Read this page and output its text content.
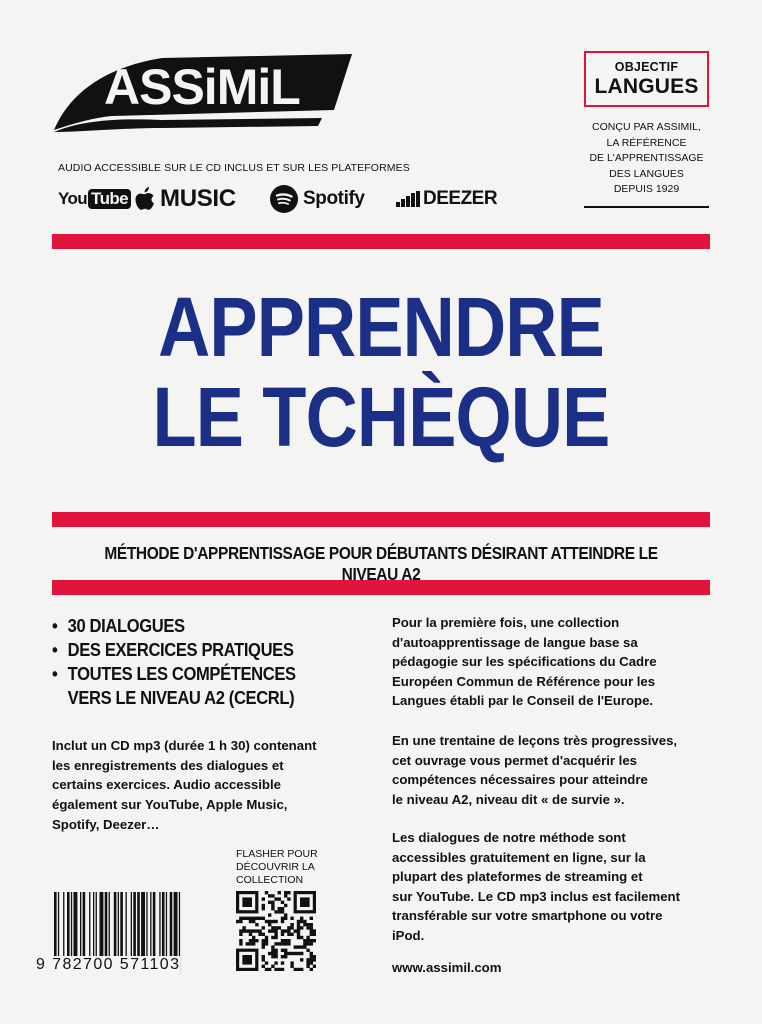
ASSiMiL	®
AUDIO ACCESSIBLE SUR LE CD INCLUS ET SUR LES PLATEFORMES
You Tube MUSIC	Spotify	DEEZER
OBJECTIF
LANGUES
CONÇU PAR ASSIMIL,
LA RÉFÉRENCE
DE L'APPRENTISSAGE
DES LANGUES
DEPUIS 1929
APPRENDRE
LE TCHÈQUE
MÉTHODE D'APPRENTISSAGE POUR DÉBUTANTS DÉSIRANT ATTEINDRE LE NIVEAU A2
• 30 DIALOGUES
• DES EXERCICES PRATIQUES
• TOUTES LES COMPÉTENCES
VERS LE NIVEAU A2 (CECRL)
Inclut un CD mp3 (durée 1 h 30) contenant
les enregistrements des dialogues et
certains exercices. Audio accessible
également sur YouTube, Apple Music,
Spotify, Deezer…
Pour la première fois, une collection
d'autoapprentissage de langue base sa
pédagogie sur les spécifications du Cadre
Européen Commun de Référence pour les
Langues établi par le Conseil de l'Europe.
En une trentaine de leçons très progressives,
cet ouvrage vous permet d'acquérir les
compétences nécessaires pour atteindre
le niveau A2, niveau dit « de survie ».
Les dialogues de notre méthode sont
accessibles gratuitement en ligne, sur la
plupart des plateformes de streaming et
sur YouTube. Le CD mp3 inclus est facilement
transférable sur votre smartphone ou votre
iPod.
www.assimil.com
9 782700 571103
FLASHER POUR
DÉCOUVRIR LA
COLLECTION
